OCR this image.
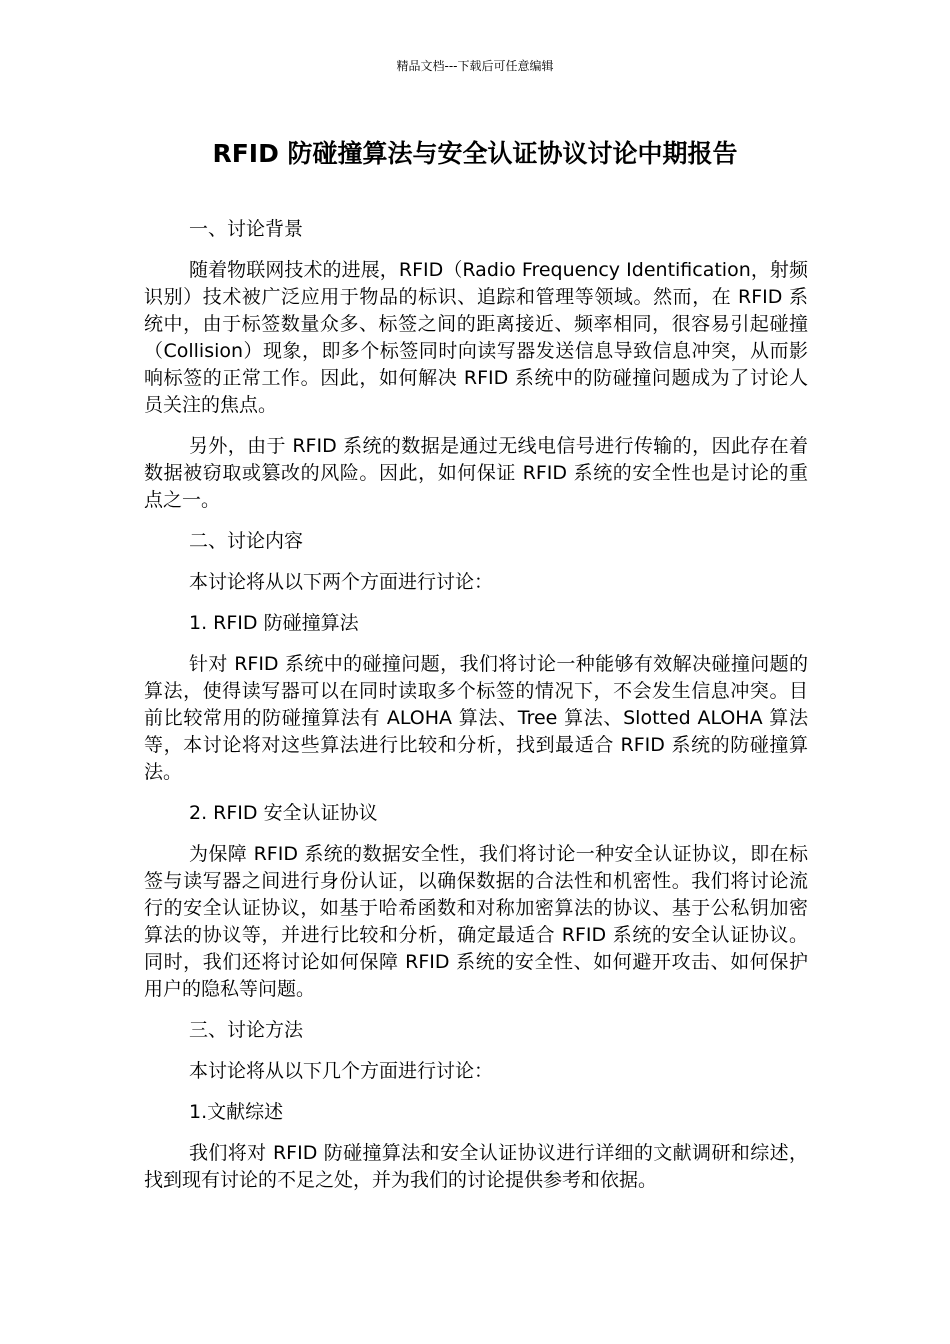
精品文档---下载后可任意编辑
RFID 防碰撞算法与安全认证协议讨论中期报告

一、讨论背景

随着物联网技术的进展，RFID（Radio Frequency Identification，射频识别）技术被广泛应用于物品的标识、追踪和管理等领域。然而，在 RFID 系统中，由于标签数量众多、标签之间的距离接近、频率相同，很容易引起碰撞（Collision）现象，即多个标签同时向读写器发送信息导致信息冲突，从而影响标签的正常工作。因此，如何解决 RFID 系统中的防碰撞问题成为了讨论人员关注的焦点。

另外，由于 RFID 系统的数据是通过无线电信号进行传输的，因此存在着数据被窃取或篡改的风险。因此，如何保证 RFID 系统的安全性也是讨论的重点之一。

二、讨论内容

本讨论将从以下两个方面进行讨论：

1. RFID 防碰撞算法

针对 RFID 系统中的碰撞问题，我们将讨论一种能够有效解决碰撞问题的算法，使得读写器可以在同时读取多个标签的情况下，不会发生信息冲突。目前比较常用的防碰撞算法有 ALOHA 算法、Tree 算法、Slotted ALOHA 算法等，本讨论将对这些算法进行比较和分析，找到最适合 RFID 系统的防碰撞算法。

2. RFID 安全认证协议

为保障 RFID 系统的数据安全性，我们将讨论一种安全认证协议，即在标签与读写器之间进行身份认证，以确保数据的合法性和机密性。我们将讨论流行的安全认证协议，如基于哈希函数和对称加密算法的协议、基于公私钥加密算法的协议等，并进行比较和分析，确定最适合 RFID 系统的安全认证协议。同时，我们还将讨论如何保障 RFID 系统的安全性、如何避开攻击、如何保护用户的隐私等问题。

三、讨论方法

本讨论将从以下几个方面进行讨论：

1.文献综述

我们将对 RFID 防碰撞算法和安全认证协议进行详细的文献调研和综述，找到现有讨论的不足之处，并为我们的讨论提供参考和依据。
